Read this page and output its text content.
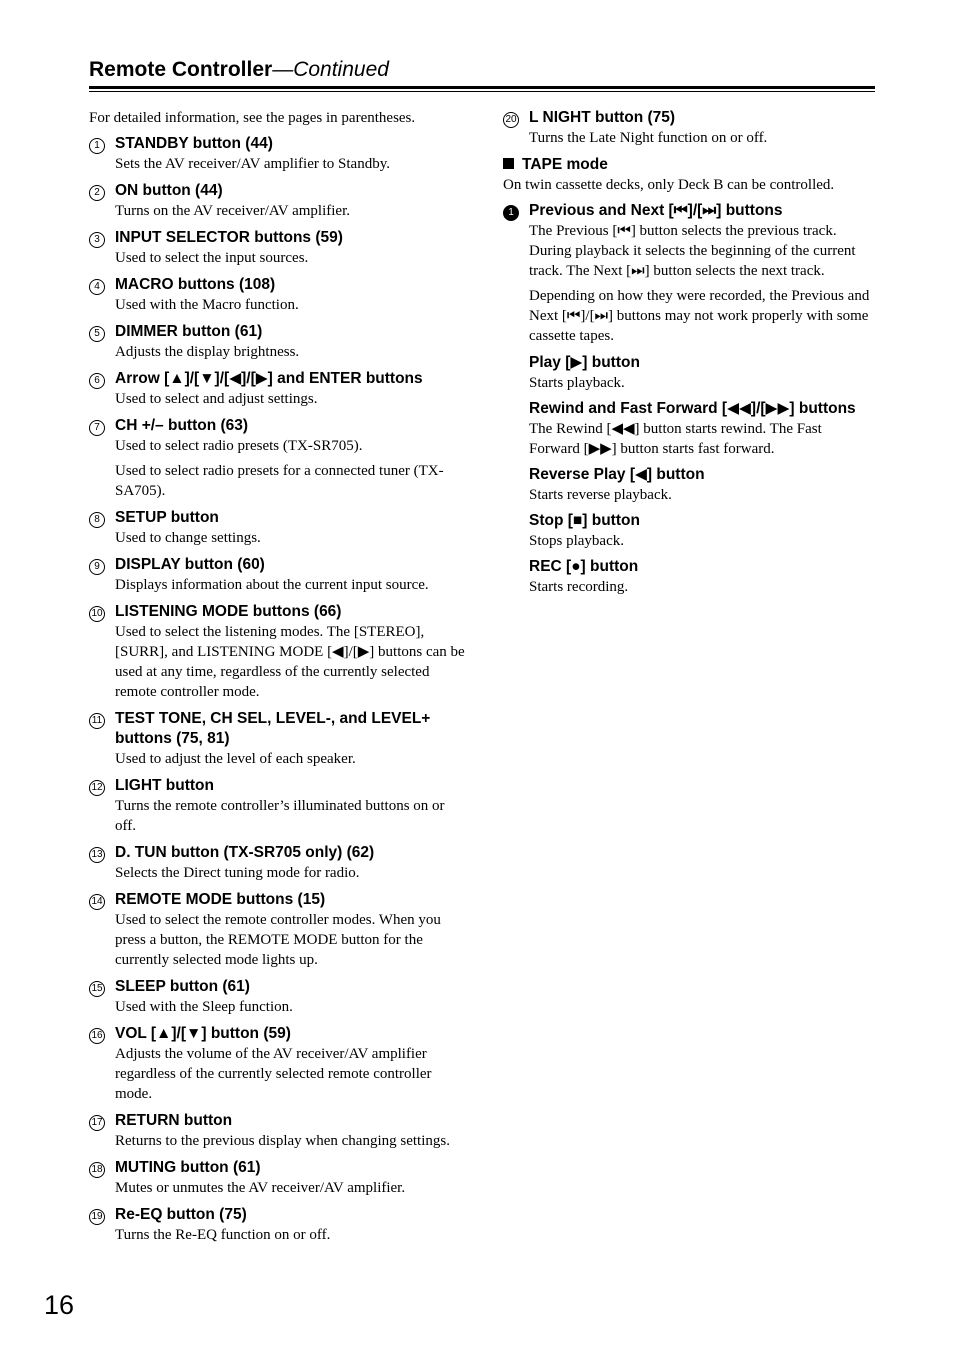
Remote Controller—Continued
For detailed information, see the pages in parentheses.
1 STANDBY button (44)
Sets the AV receiver/AV amplifier to Standby.
2 ON button (44)
Turns on the AV receiver/AV amplifier.
3 INPUT SELECTOR buttons (59)
Used to select the input sources.
4 MACRO buttons (108)
Used with the Macro function.
5 DIMMER button (61)
Adjusts the display brightness.
6 Arrow [▲]/[▼]/[◀]/[▶] and ENTER buttons
Used to select and adjust settings.
7 CH +/– button (63)
Used to select radio presets (TX-SR705).
Used to select radio presets for a connected tuner (TX-SA705).
8 SETUP button
Used to change settings.
9 DISPLAY button (60)
Displays information about the current input source.
10 LISTENING MODE buttons (66)
Used to select the listening modes. The [STEREO], [SURR], and LISTENING MODE [◀]/[▶] buttons can be used at any time, regardless of the currently selected remote controller mode.
11 TEST TONE, CH SEL, LEVEL-, and LEVEL+ buttons (75, 81)
Used to adjust the level of each speaker.
12 LIGHT button
Turns the remote controller’s illuminated buttons on or off.
13 D. TUN button (TX-SR705 only) (62)
Selects the Direct tuning mode for radio.
14 REMOTE MODE buttons (15)
Used to select the remote controller modes. When you press a button, the REMOTE MODE button for the currently selected mode lights up.
15 SLEEP button (61)
Used with the Sleep function.
16 VOL [▲]/[▼] button (59)
Adjusts the volume of the AV receiver/AV amplifier regardless of the currently selected remote controller mode.
17 RETURN button
Returns to the previous display when changing settings.
18 MUTING button (61)
Mutes or unmutes the AV receiver/AV amplifier.
19 Re-EQ button (75)
Turns the Re-EQ function on or off.
20 L NIGHT button (75)
Turns the Late Night function on or off.
TAPE mode
On twin cassette decks, only Deck B can be controlled.
1 Previous and Next [⏮]/[⏭] buttons
The Previous [⏮] button selects the previous track. During playback it selects the beginning of the current track. The Next [⏭] button selects the next track.
Depending on how they were recorded, the Previous and Next [⏮]/[⏭] buttons may not work properly with some cassette tapes.
Play [▶] button
Starts playback.
Rewind and Fast Forward [◀◀]/[▶▶] buttons
The Rewind [◀◀] button starts rewind. The Fast Forward [▶▶] button starts fast forward.
Reverse Play [◀] button
Starts reverse playback.
Stop [■] button
Stops playback.
REC [●] button
Starts recording.
16
